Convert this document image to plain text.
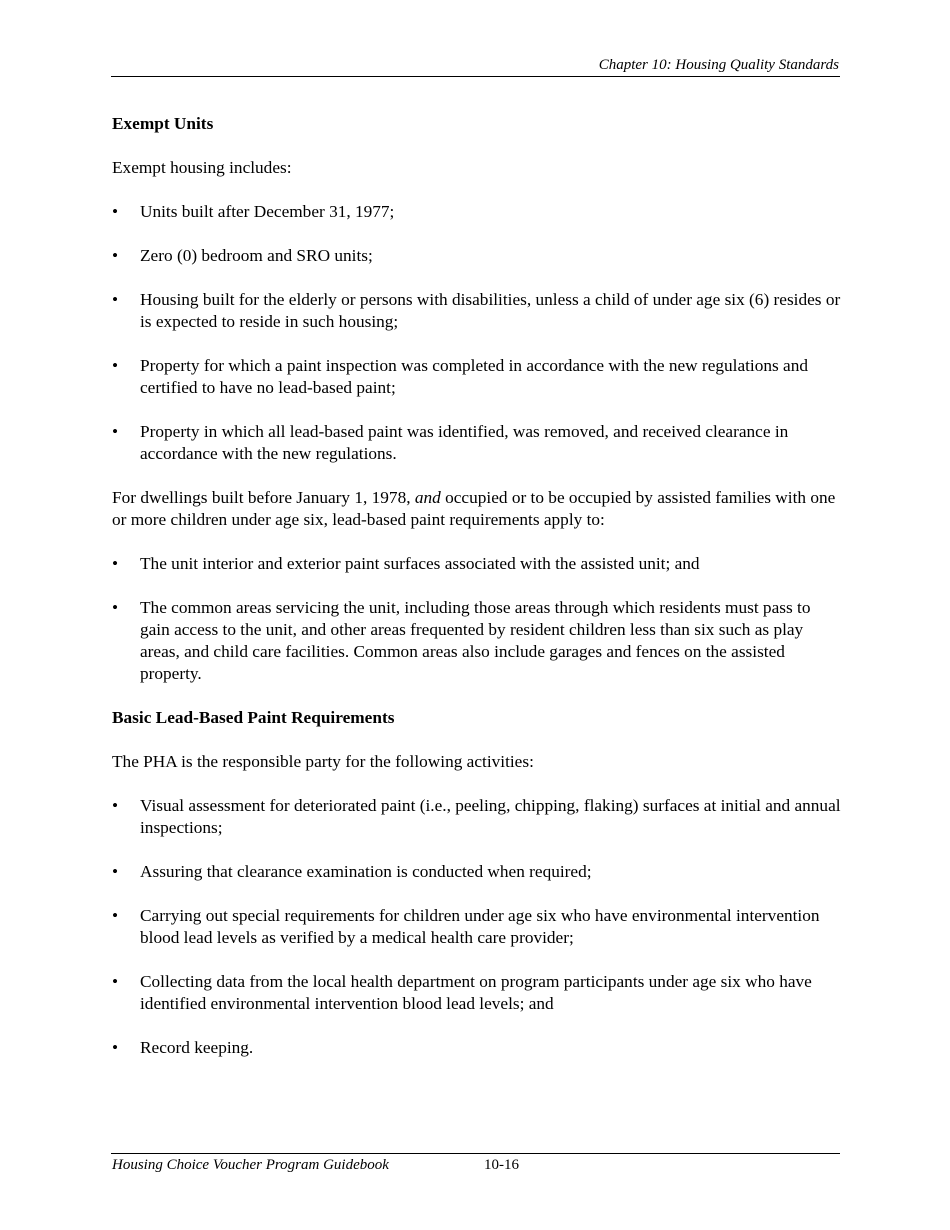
Chapter 10: Housing Quality Standards
Exempt Units

Exempt housing includes:

• Units built after December 31, 1977;
• Zero (0) bedroom and SRO units;
• Housing built for the elderly or persons with disabilities, unless a child of under age six (6) resides or is expected to reside in such housing;
• Property for which a paint inspection was completed in accordance with the new regulations and certified to have no lead-based paint;
• Property in which all lead-based paint was identified, was removed, and received clearance in accordance with the new regulations.

For dwellings built before January 1, 1978, and occupied or to be occupied by assisted families with one or more children under age six, lead-based paint requirements apply to:

• The unit interior and exterior paint surfaces associated with the assisted unit; and
• The common areas servicing the unit, including those areas through which residents must pass to gain access to the unit, and other areas frequented by resident children less than six such as play areas, and child care facilities. Common areas also include garages and fences on the assisted property.
Basic Lead-Based Paint Requirements

The PHA is the responsible party for the following activities:

• Visual assessment for deteriorated paint (i.e., peeling, chipping, flaking) surfaces at initial and annual inspections;
• Assuring that clearance examination is conducted when required;
• Carrying out special requirements for children under age six who have environmental intervention blood lead levels as verified by a medical health care provider;
• Collecting data from the local health department on program participants under age six who have identified environmental intervention blood lead levels; and
• Record keeping.
Housing Choice Voucher Program Guidebook	10-16
